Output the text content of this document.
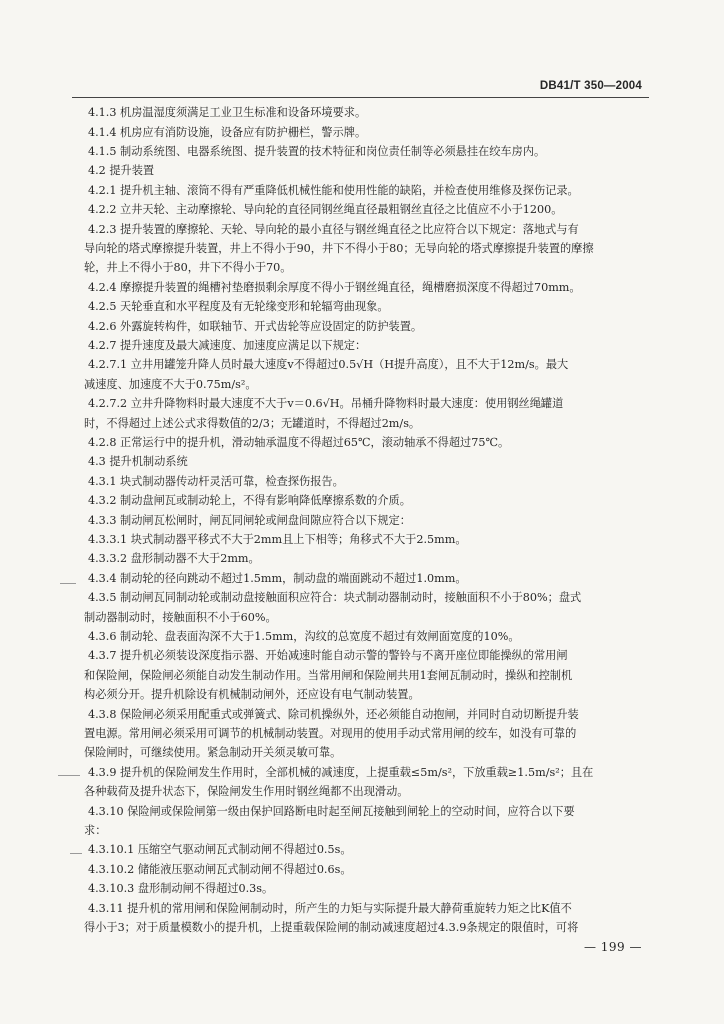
DB41/T 350—2004
4.1.3 机房温湿度须满足工业卫生标准和设备环境要求。
4.1.4 机房应有消防设施，设备应有防护栅栏，警示牌。
4.1.5 制动系统图、电器系统图、提升装置的技术特征和岗位责任制等必须悬挂在绞车房内。
4.2 提升装置
4.2.1 提升机主轴、滚筒不得有严重降低机械性能和使用性能的缺陷，并检查使用维修及探伤记录。
4.2.2 立井天轮、主动摩擦轮、导向轮的直径同钢丝绳直径最粗钢丝直径之比值应不小于1200。
4.2.3 提升装置的摩擦轮、天轮、导向轮的最小直径与钢丝绳直径之比应符合以下规定：落地式与有
导向轮的塔式摩擦提升装置，井上不得小于90，井下不得小于80；无导向轮的塔式摩擦提升装置的摩擦
轮，井上不得小于80，井下不得小于70。
4.2.4 摩擦提升装置的绳槽衬垫磨损剩余厚度不得小于钢丝绳直径，绳槽磨损深度不得超过70mm。
4.2.5 天轮垂直和水平程度及有无轮缘变形和轮辐弯曲现象。
4.2.6 外露旋转构件，如联轴节、开式齿轮等应设固定的防护装置。
4.2.7 提升速度及最大减速度、加速度应满足以下规定：
4.2.7.1 立井用罐笼升降人员时最大速度v不得超过0.5√H（H提升高度），且不大于12m/s。最大
减速度、加速度不大于0.75m/s²。
4.2.7.2 立井升降物料时最大速度不大于v＝0.6√H。吊桶升降物料时最大速度：使用钢丝绳罐道
时，不得超过上述公式求得数值的2/3；无罐道时，不得超过2m/s。
4.2.8 正常运行中的提升机，滑动轴承温度不得超过65℃，滚动轴承不得超过75℃。
4.3 提升机制动系统
4.3.1 块式制动器传动杆灵活可靠，检查探伤报告。
4.3.2 制动盘闸瓦或制动轮上，不得有影响降低摩擦系数的介质。
4.3.3 制动闸瓦松闸时，闸瓦同闸轮或闸盘间隙应符合以下规定：
4.3.3.1 块式制动器平移式不大于2mm且上下相等；角移式不大于2.5mm。
4.3.3.2 盘形制动器不大于2mm。
4.3.4 制动轮的径向跳动不超过1.5mm，制动盘的端面跳动不超过1.0mm。
4.3.5 制动闸瓦同制动轮或制动盘接触面积应符合：块式制动器制动时，接触面积不小于80%；盘式
制动器制动时，接触面积不小于60%。
4.3.6 制动轮、盘表面沟深不大于1.5mm，沟纹的总宽度不超过有效闸面宽度的10%。
4.3.7 提升机必须装设深度指示器、开始减速时能自动示警的警铃与不离开座位即能操纵的常用闸
和保险闸，保险闸必须能自动发生制动作用。当常用闸和保险闸共用1套闸瓦制动时，操纵和控制机
构必须分开。提升机除设有机械制动闸外，还应设有电气制动装置。
4.3.8 保险闸必须采用配重式或弹簧式、除司机操纵外，还必须能自动抱闸，并同时自动切断提升装
置电源。常用闸必须采用可调节的机械制动装置。对现用的使用手动式常用闸的绞车，如没有可靠的
保险闸时，可继续使用。紧急制动开关须灵敏可靠。
4.3.9 提升机的保险闸发生作用时，全部机械的减速度，上提重载≤5m/s²，下放重载≥1.5m/s²；且在
各种载荷及提升状态下，保险闸发生作用时钢丝绳都不出现滑动。
4.3.10 保险闸或保险闸第一级由保护回路断电时起至闸瓦接触到闸轮上的空动时间，应符合以下要
求：
4.3.10.1 压缩空气驱动闸瓦式制动闸不得超过0.5s。
4.3.10.2 储能液压驱动闸瓦式制动闸不得超过0.6s。
4.3.10.3 盘形制动闸不得超过0.3s。
4.3.11 提升机的常用闸和保险闸制动时，所产生的力矩与实际提升最大静荷重旋转力矩之比K值不
得小于3；对于质量模数小的提升机，上提重载保险闸的制动减速度超过4.3.9条规定的限值时，可将
— 199 —
